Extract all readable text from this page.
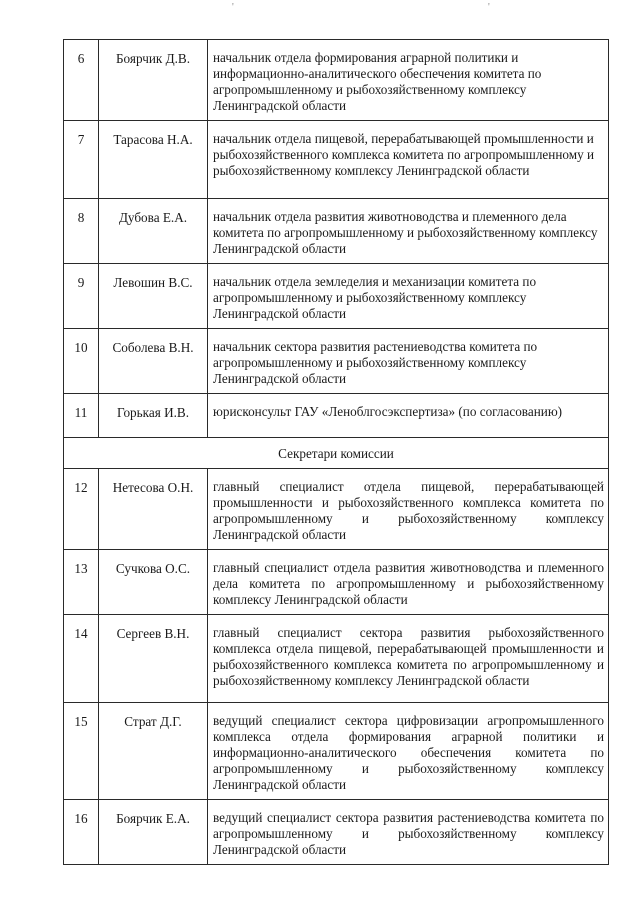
'	'
6	Боярчик Д.В.	начальник отдела формирования аграрной политики и информационно-аналитического обеспечения комитета по агропромышленному и рыбохозяйственному комплексу Ленинградской области

7	Тарасова Н.А.	начальник отдела пищевой, перерабатывающей промышленности и рыбохозяйственного комплекса комитета по агропромышленному и рыбохозяйственному комплексу Ленинградской области

8	Дубова Е.А.	начальник отдела развития животноводства и племенного дела комитета по агропромышленному и рыбохозяйственному комплексу Ленинградской области

9	Левошин В.С.	начальник отдела земледелия и механизации комитета по агропромышленному и рыбохозяйственному комплексу Ленинградской области

10	Соболева В.Н.	начальник сектора развития растениеводства комитета по агропромышленному и рыбохозяйственному комплексу Ленинградской области

11	Горькая И.В.	юрисконсульт ГАУ «Леноблгосэкспертиза» (по согласованию)

Секретари комиссии		

12	Нетесова О.Н.	главный специалист отдела пищевой, перерабатывающей промышленности и рыбохозяйственного комплекса комитета по агропромышленному и рыбохозяйственному комплексу Ленинградской области

13	Сучкова О.С.	главный специалист отдела развития животноводства и племенного дела комитета по агропромышленному и рыбохозяйственному комплексу Ленинградской области

14	Сергеев В.Н.	главный специалист сектора развития рыбохозяйственного комплекса отдела пищевой, перерабатывающей промышленности и рыбохозяйственного комплекса комитета по агропромышленному и рыбохозяйственному комплексу Ленинградской области

15	Страт Д.Г.	ведущий специалист сектора цифровизации агропромышленного комплекса отдела формирования аграрной политики и информационно-аналитического обеспечения комитета по агропромышленному и рыбохозяйственному комплексу Ленинградской области

16	Боярчик Е.А.	ведущий специалист сектора развития растениеводства комитета по агропромышленному и рыбохозяйственному комплексу Ленинградской области
